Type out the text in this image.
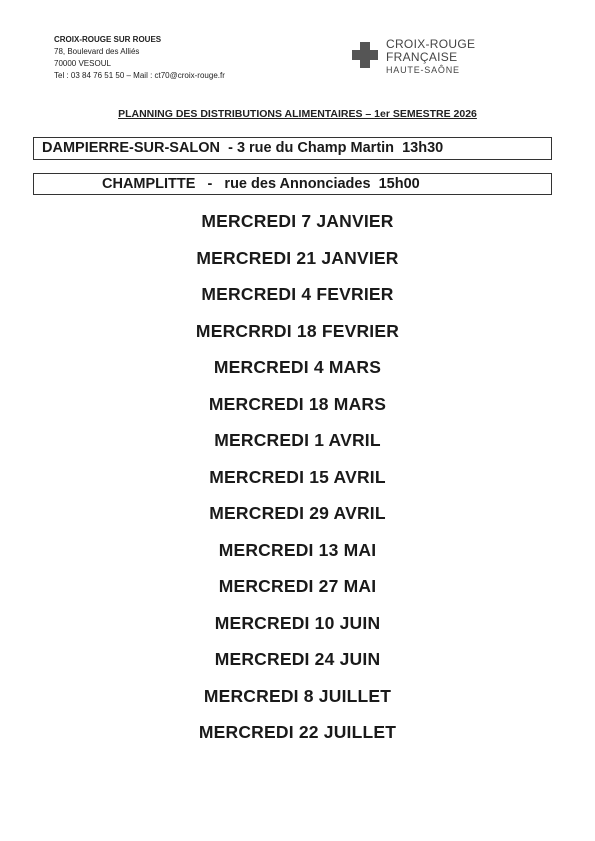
CROIX-ROUGE SUR ROUES
78, Boulevard des Alliés
70000 VESOUL
Tel : 03 84 76 51 50 – Mail : ct70@croix-rouge.fr
CROIX-ROUGE
FRANÇAISE
HAUTE-SAÔNE
PLANNING DES DISTRIBUTIONS ALIMENTAIRES – 1er SEMESTRE 2026
DAMPIERRE-SUR-SALON  - 3 rue du Champ Martin  13h30
CHAMPLITTE   -   rue des Annonciades  15h00
MERCREDI 7 JANVIER
MERCREDI 21 JANVIER
MERCREDI 4 FEVRIER
MERCRRDI 18 FEVRIER
MERCREDI 4 MARS
MERCREDI 18 MARS
MERCREDI 1 AVRIL
MERCREDI 15 AVRIL
MERCREDI 29 AVRIL
MERCREDI 13 MAI
MERCREDI 27 MAI
MERCREDI 10 JUIN
MERCREDI 24 JUIN
MERCREDI 8 JUILLET
MERCREDI 22 JUILLET
